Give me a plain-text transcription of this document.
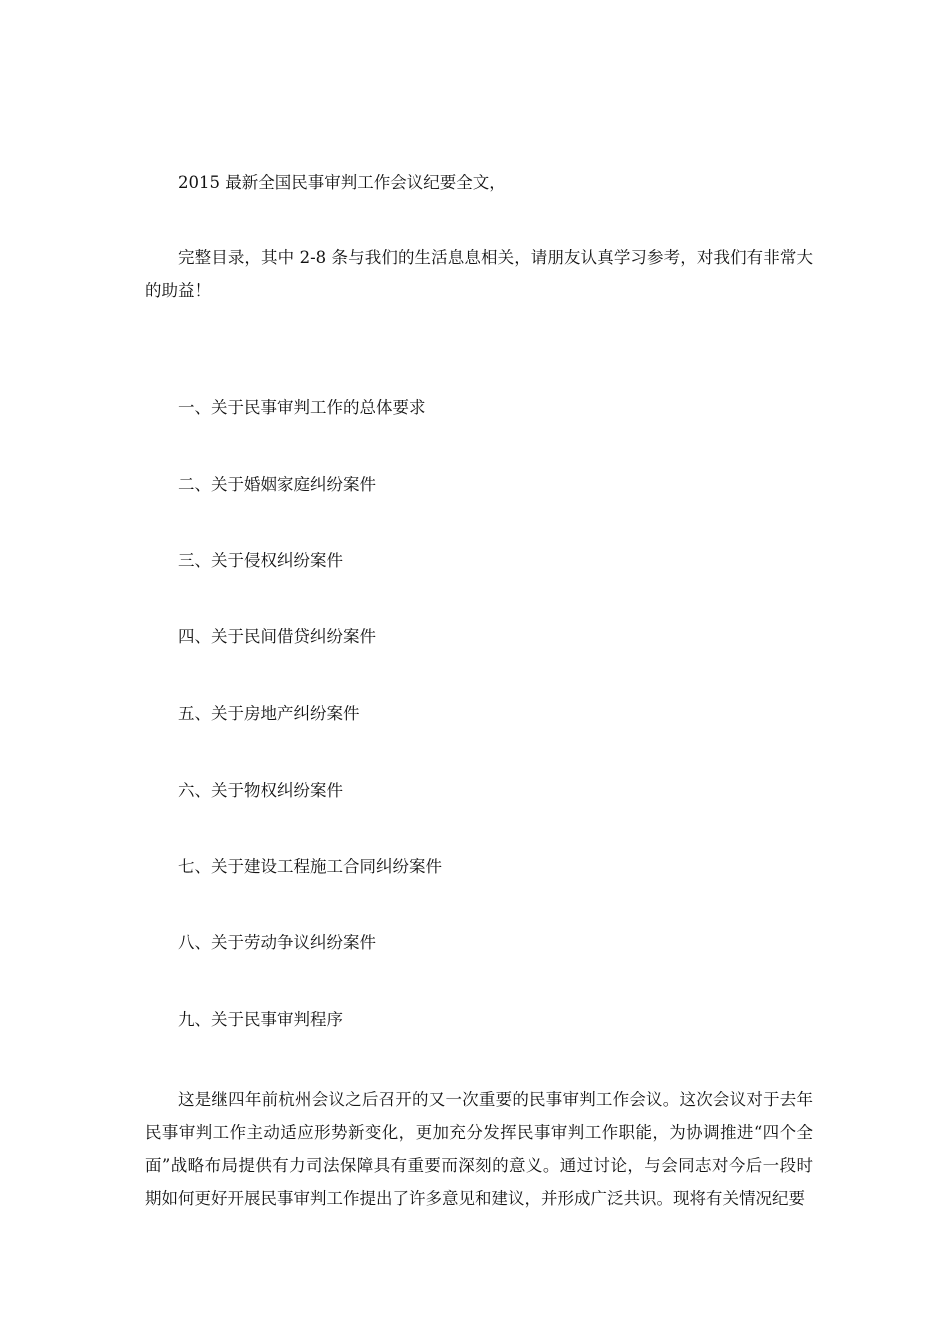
2015 最新全国民事审判工作会议纪要全文，

完整目录，其中 2-8 条与我们的生活息息相关，请朋友认真学习参考，对我们有非常大的助益！

一、关于民事审判工作的总体要求

二、关于婚姻家庭纠纷案件

三、关于侵权纠纷案件

四、关于民间借贷纠纷案件

五、关于房地产纠纷案件

六、关于物权纠纷案件

七、关于建设工程施工合同纠纷案件

八、关于劳动争议纠纷案件

九、关于民事审判程序

这是继四年前杭州会议之后召开的又一次重要的民事审判工作会议。这次会议对于去年民事审判工作主动适应形势新变化，更加充分发挥民事审判工作职能，为协调推进“四个全面”战略布局提供有力司法保障具有重要而深刻的意义。通过讨论，与会同志对今后一段时期如何更好开展民事审判工作提出了许多意见和建议，并形成广泛共识。现将有关情况纪要
